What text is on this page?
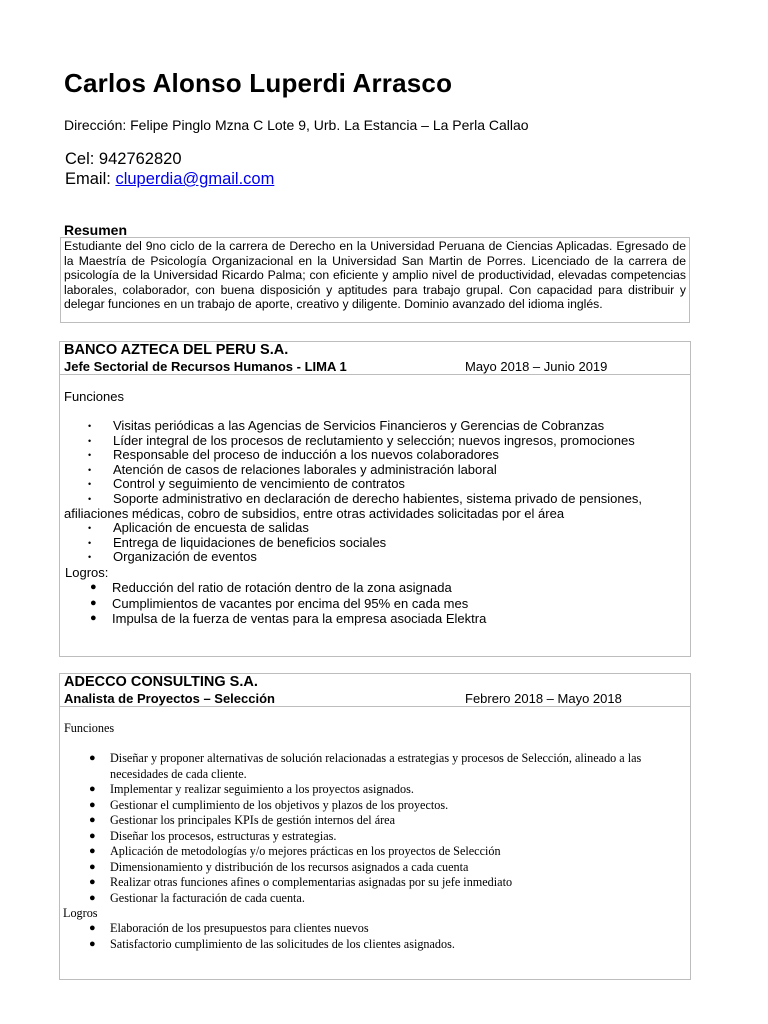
Carlos Alonso Luperdi Arrasco
Dirección: Felipe Pinglo Mzna C Lote 9, Urb. La Estancia – La Perla Callao
Cel: 942762820
Email: cluperdia@gmail.com
Resumen
Estudiante del 9no ciclo de la carrera de Derecho en la Universidad Peruana de Ciencias Aplicadas. Egresado de la Maestría de Psicología Organizacional en la Universidad San Martin de Porres. Licenciado de la carrera de psicología de la Universidad Ricardo Palma; con eficiente y amplio nivel de productividad, elevadas competencias laborales, colaborador, con buena disposición y aptitudes para trabajo grupal. Con capacidad para distribuir y delegar funciones en un trabajo de aporte, creativo y diligente. Dominio avanzado del idioma inglés.
BANCO AZTECA DEL PERU S.A.
Jefe Sectorial de Recursos Humanos - LIMA 1	Mayo 2018 – Junio 2019

Funciones

• Visitas periódicas a las Agencias de Servicios Financieros y Gerencias de Cobranzas
• Líder integral de los procesos de reclutamiento y selección; nuevos ingresos, promociones
• Responsable del proceso de inducción a los nuevos colaboradores
• Atención de casos de relaciones laborales y administración laboral
• Control y seguimiento de vencimiento de contratos
• Soporte administrativo en declaración de derecho habientes, sistema privado de pensiones, afiliaciones médicas, cobro de subsidios, entre otras actividades solicitadas por el área
• Aplicación de encuesta de salidas
• Entrega de liquidaciones de beneficios sociales
• Organización de eventos

Logros:

● Reducción del ratio de rotación dentro de la zona asignada
● Cumplimientos de vacantes por encima del 95% en cada mes
● Impulsa de la fuerza de ventas para la empresa asociada Elektra
ADECCO CONSULTING S.A.
Analista de Proyectos – Selección	Febrero 2018 – Mayo 2018

Funciones

● Diseñar y proponer alternativas de solución relacionadas a estrategias y procesos de Selección, alineado a las necesidades de cada cliente.
● Implementar y realizar seguimiento a los proyectos asignados.
● Gestionar el cumplimiento de los objetivos y plazos de los proyectos.
● Gestionar los principales KPIs de gestión internos del área
● Diseñar los procesos, estructuras y estrategias.
● Aplicación de metodologías y/o mejores prácticas en los proyectos de Selección
● Dimensionamiento y distribución de los recursos asignados a cada cuenta
● Realizar otras funciones afines o complementarias asignadas por su jefe inmediato
● Gestionar la facturación de cada cuenta.

Logros

● Elaboración de los presupuestos para clientes nuevos
● Satisfactorio cumplimiento de las solicitudes de los clientes asignados.
